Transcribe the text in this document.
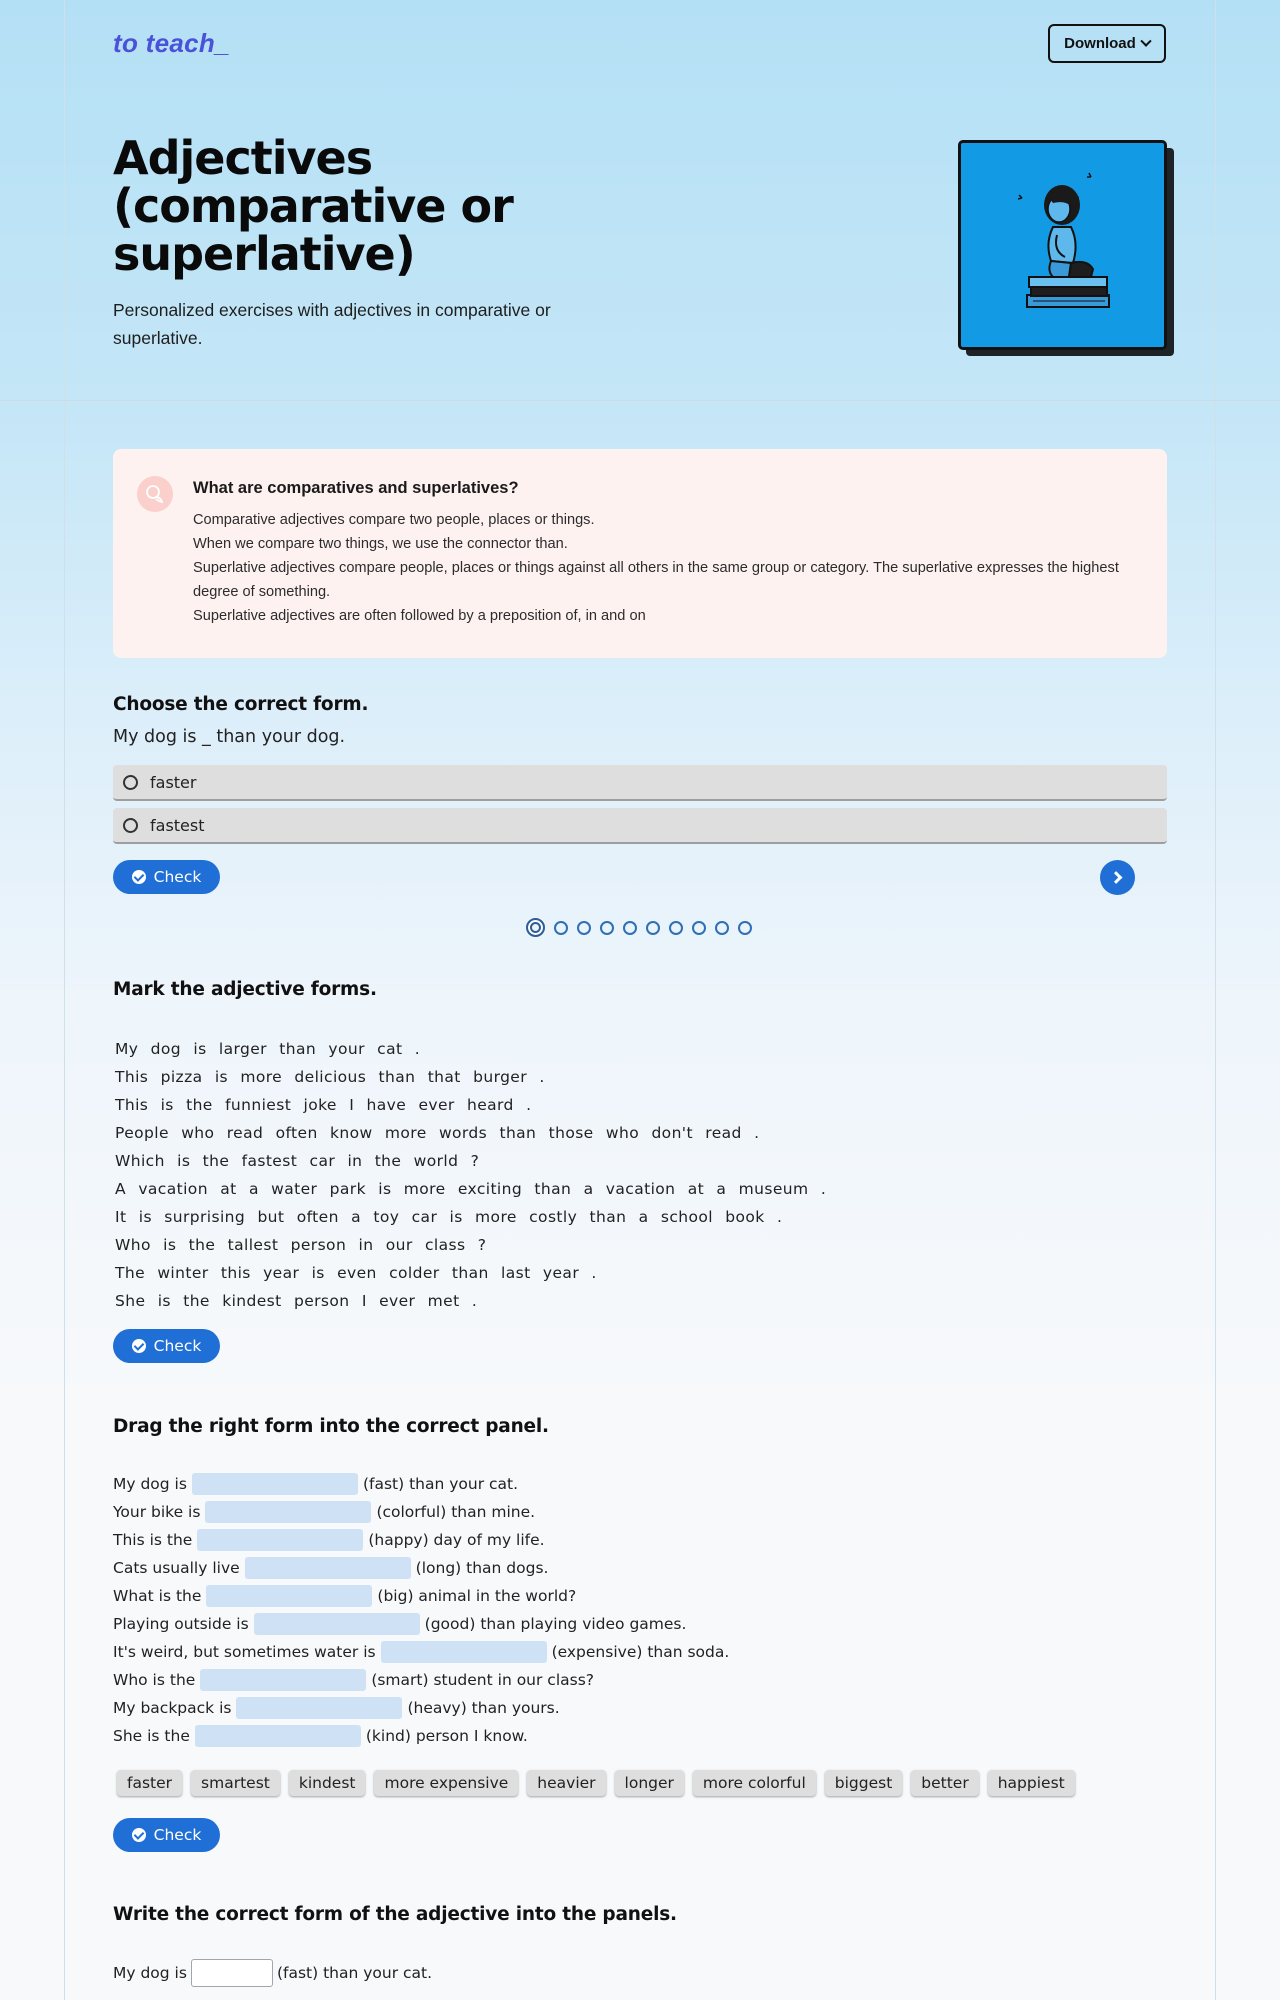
to teach_	Download
Adjectives (comparative or superlative)

Personalized exercises with adjectives in comparative or superlative.

What are comparatives and superlatives?

Comparative adjectives compare two people, places or things.

When we compare two things, we use the connector than.

Superlative adjectives compare people, places or things against all others in the same group or category. The superlative expresses the highest degree of something.

Superlative adjectives are often followed by a preposition of, in and on

Choose the correct form.
My dog is _ than your dog.
faster
fastest
Check
Mark the adjective forms.
My dog is larger than your cat .
This pizza is more delicious than that burger .
This is the funniest joke I have ever heard .
People who read often know more words than those who don't read .
Which is the fastest car in the world ?
A vacation at a water park is more exciting than a vacation at a museum .
It is surprising but often a toy car is more costly than a school book .
Who is the tallest person in our class ?
The winter this year is even colder than last year .
She is the kindest person I ever met .
Check
Drag the right form into the correct panel.
My dog is	(fast) than your cat.
Your bike is	(colorful) than mine.
This is the	(happy) day of my life.
Cats usually live	(long) than dogs.
What is the	(big) animal in the world?
Playing outside is	(good) than playing video games.
It's weird, but sometimes water is	(expensive) than soda.
Who is the	(smart) student in our class?
My backpack is	(heavy) than yours.
She is the	(kind) person I know.
faster	smartest	kindest	more expensive	heavier	longer	more colorful	biggest	better	happiest
Check
Write the correct form of the adjective into the panels.
My dog is	(fast) than your cat.
